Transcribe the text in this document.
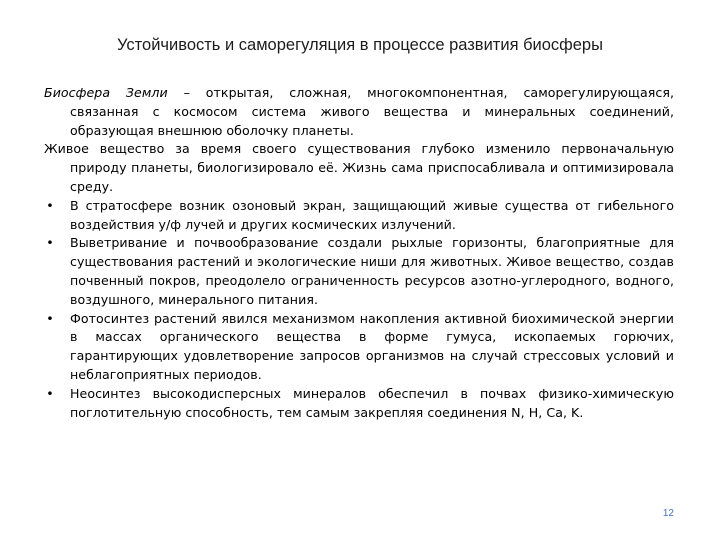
Устойчивость и саморегуляция в процессе развития биосферы

Биосфера Земли – открытая, сложная, многокомпонентная, саморегулирующаяся, связанная с космосом система живого вещества и минеральных соединений, образующая внешнюю оболочку планеты.

Живое вещество за время своего существования глубоко изменило первоначальную природу планеты, биологизировало её. Жизнь сама приспосабливала и оптимизировала среду.

• В стратосфере возник озоновый экран, защищающий живые существа от гибельного воздействия у/ф лучей и других космических излучений.
• Выветривание и почвообразование создали рыхлые горизонты, благоприятные для существования растений и экологические ниши для животных. Живое вещество, создав почвенный покров, преодолело ограниченность ресурсов азотно-углеродного, водного, воздушного, минерального питания.
• Фотосинтез растений явился механизмом накопления активной биохимической энергии в массах органического вещества в форме гумуса, ископаемых горючих, гарантирующих удовлетворение запросов организмов на случай стрессовых условий и неблагоприятных периодов.
• Неосинтез высокодисперсных минералов обеспечил в почвах физико-химическую поглотительную способность, тем самым закрепляя соединения N, H, Ca, K.
12
